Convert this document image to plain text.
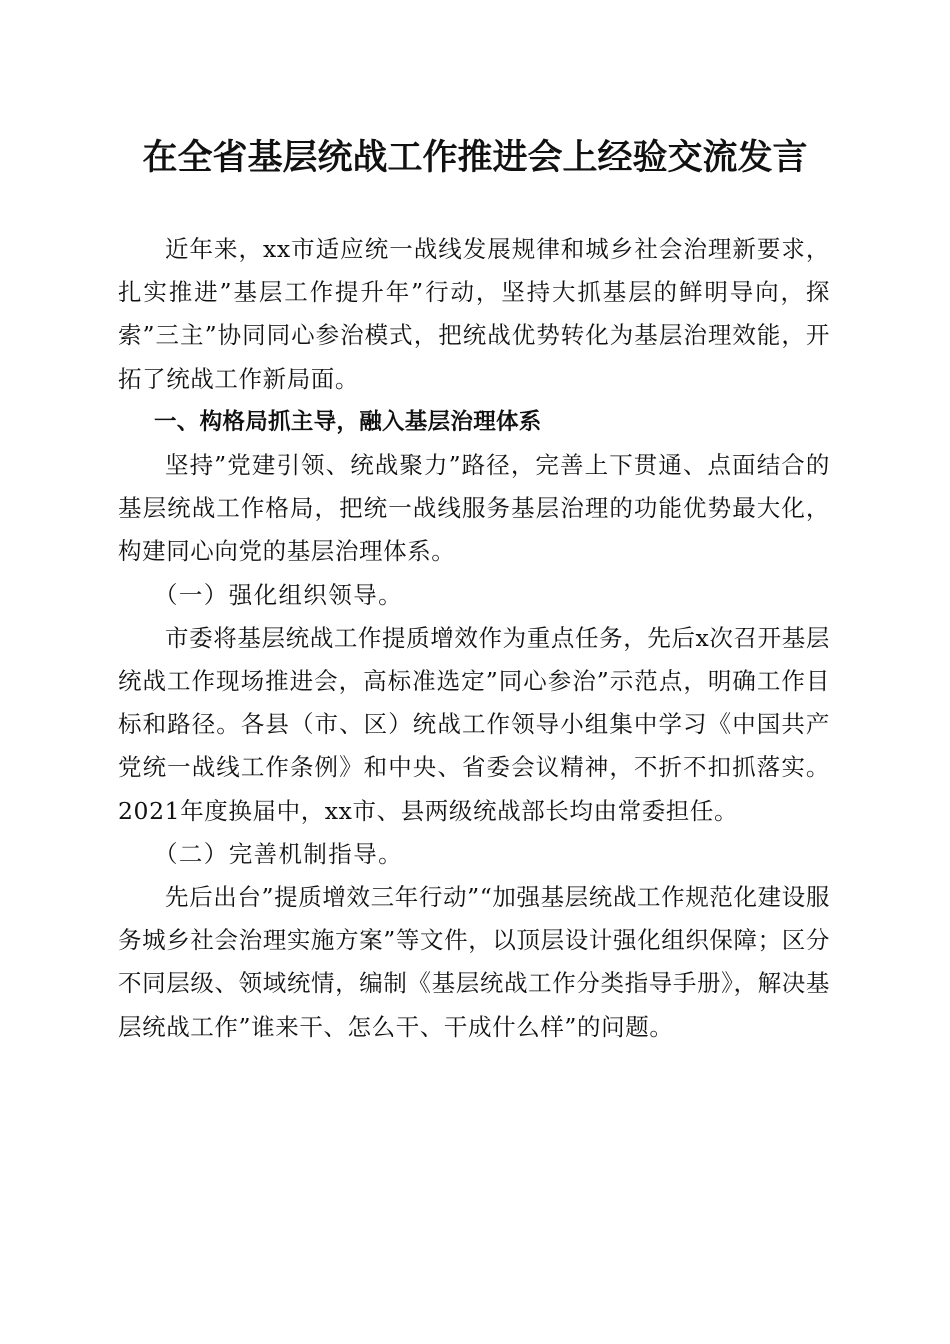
在全省基层统战工作推进会上经验交流发言

近年来，xx市适应统一战线发展规律和城乡社会治理新要求，扎实推进”基层工作提升年”行动，坚持大抓基层的鲜明导向，探索”三主”协同同心参治模式，把统战优势转化为基层治理效能，开拓了统战工作新局面。

一、构格局抓主导，融入基层治理体系

坚持”党建引领、统战聚力”路径，完善上下贯通、点面结合的基层统战工作格局，把统一战线服务基层治理的功能优势最大化，构建同心向党的基层治理体系。

（一）强化组织领导。

市委将基层统战工作提质增效作为重点任务，先后x次召开基层统战工作现场推进会，高标准选定”同心参治”示范点，明确工作目标和路径。各县（市、区）统战工作领导小组集中学习《中国共产党统一战线工作条例》和中央、省委会议精神，不折不扣抓落实。2021年度换届中，xx市、县两级统战部长均由常委担任。

（二）完善机制指导。

先后出台”提质增效三年行动”“加强基层统战工作规范化建设服务城乡社会治理实施方案”等文件，以顶层设计强化组织保障；区分不同层级、领域统情，编制《基层统战工作分类指导手册》，解决基层统战工作”谁来干、怎么干、干成什么样”的问题。
